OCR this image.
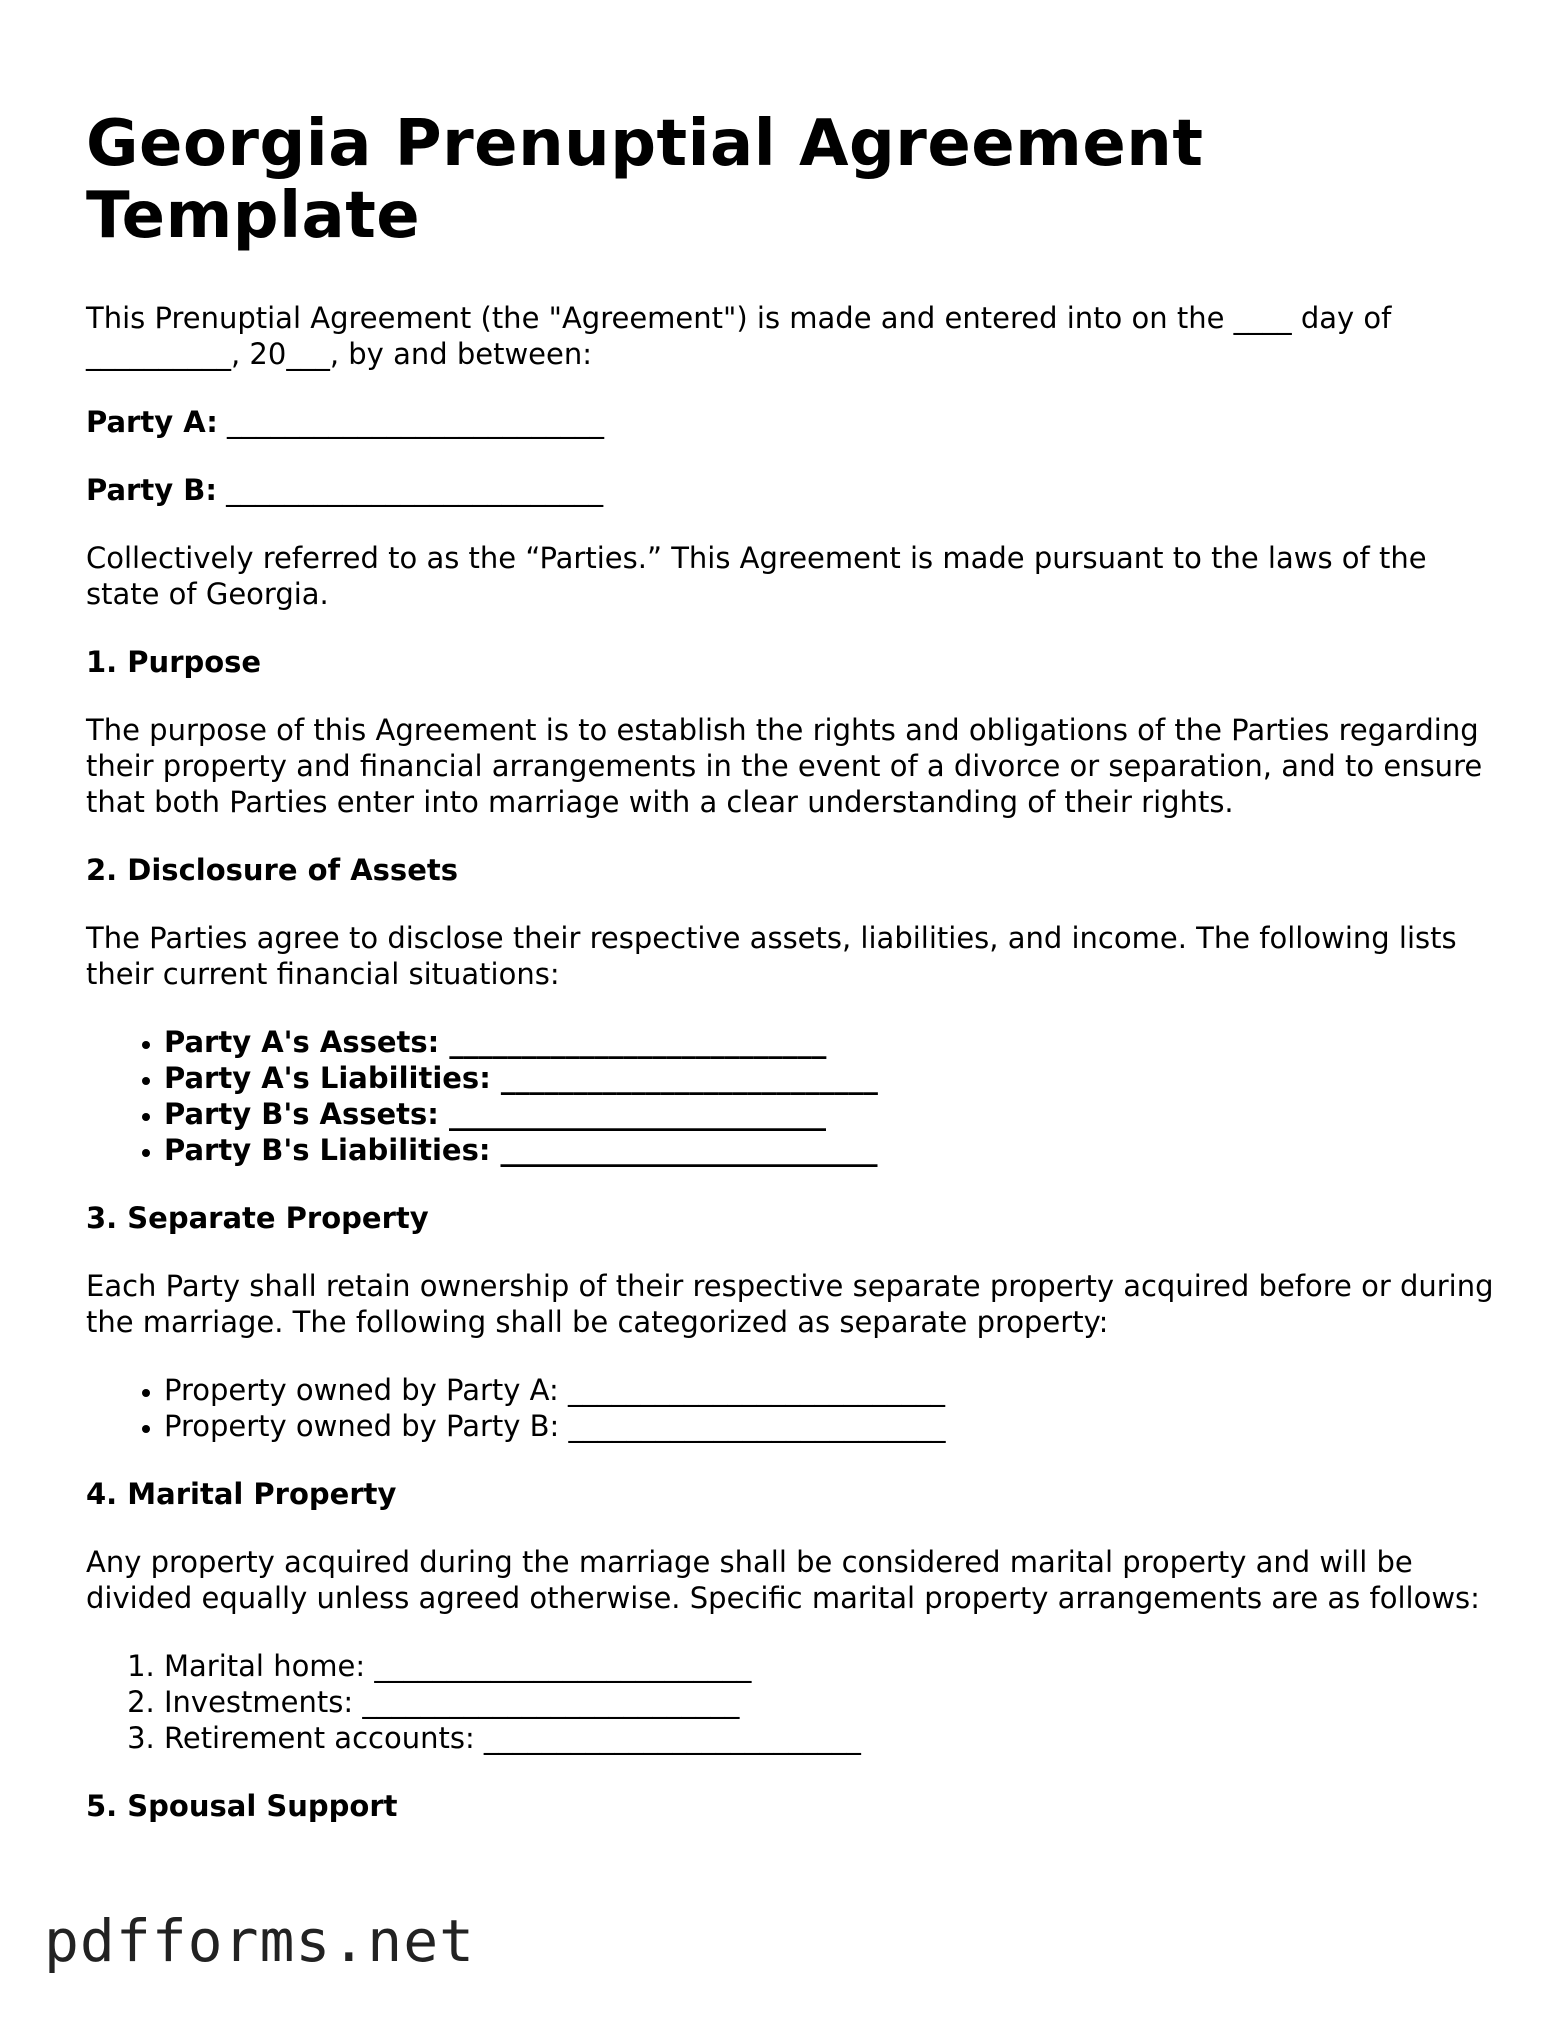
Georgia Prenuptial Agreement Template

This Prenuptial Agreement (the "Agreement") is made and entered into on the ____ day of __________, 20___, by and between:

Party A: __________________________
Party B: __________________________

Collectively referred to as the “Parties.” This Agreement is made pursuant to the laws of the state of Georgia.

1. Purpose

The purpose of this Agreement is to establish the rights and obligations of the Parties regarding their property and financial arrangements in the event of a divorce or separation, and to ensure that both Parties enter into marriage with a clear understanding of their rights.

2. Disclosure of Assets

The Parties agree to disclose their respective assets, liabilities, and income. The following lists their current financial situations:

• Party A's Assets: __________________________
• Party A's Liabilities: __________________________
• Party B's Assets: __________________________
• Party B's Liabilities: __________________________
3. Separate Property

Each Party shall retain ownership of their respective separate property acquired before or during the marriage. The following shall be categorized as separate property:

• Property owned by Party A: __________________________
• Property owned by Party B: __________________________
4. Marital Property

Any property acquired during the marriage shall be considered marital property and will be divided equally unless agreed otherwise. Specific marital property arrangements are as follows:

1. Marital home: __________________________
2. Investments: __________________________
3. Retirement accounts: __________________________
5. Spousal Support
pdfforms.net
